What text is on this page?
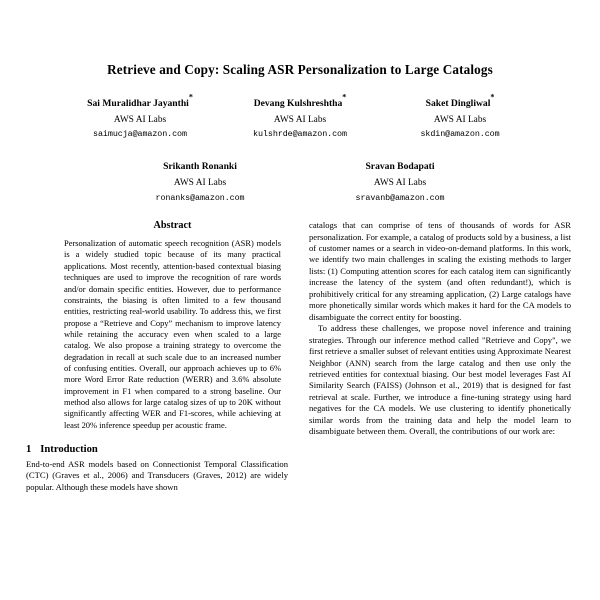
Retrieve and Copy: Scaling ASR Personalization to Large Catalogs
Sai Muralidhar Jayanthi*
AWS AI Labs
saimucja@amazon.com
Devang Kulshreshtha*
AWS AI Labs
kulshrde@amazon.com
Saket Dingliwal*
AWS AI Labs
skdin@amazon.com
Srikanth Ronanki
AWS AI Labs
ronanks@amazon.com
Sravan Bodapati
AWS AI Labs
sravanb@amazon.com
Abstract

Personalization of automatic speech recognition (ASR) models is a widely studied topic because of its many practical applications. Most recently, attention-based contextual biasing techniques are used to improve the recognition of rare words and/or domain specific entities. However, due to performance constraints, the biasing is often limited to a few thousand entities, restricting real-world usability. To address this, we first propose a “Retrieve and Copy” mechanism to improve latency while retaining the accuracy even when scaled to a large catalog. We also propose a training strategy to overcome the degradation in recall at such scale due to an increased number of confusing entities. Overall, our approach achieves up to 6% more Word Error Rate reduction (WERR) and 3.6% absolute improvement in F1 when compared to a strong baseline. Our method also allows for large catalog sizes of up to 20K without significantly affecting WER and F1-scores, while achieving at least 20% inference speedup per acoustic frame.

1 Introduction

End-to-end ASR models based on Connectionist Temporal Classification (CTC) (Graves et al., 2006) and Transducers (Graves, 2012) are widely popular. Although these models have shown

catalogs that can comprise of tens of thousands of words for ASR personalization. For example, a catalog of products sold by a business, a list of customer names or a search in video-on-demand platforms. In this work, we identify two main challenges in scaling the existing methods to larger lists: (1) Computing attention scores for each catalog item can significantly increase the latency of the system (and often redundant!), which is prohibitively critical for any streaming application, (2) Large catalogs have more phonetically similar words which makes it hard for the CA models to disambiguate the correct entity for boosting.

To address these challenges, we propose novel inference and training strategies. Through our inference method called "Retrieve and Copy", we first retrieve a smaller subset of relevant entities using Approximate Nearest Neighbor (ANN) search from the large catalog and then use only the retrieved entities for contextual biasing. Our best model leverages Fast AI Similarity Search (FAISS) (Johnson et al., 2019) that is designed for fast retrieval at scale. Further, we introduce a fine-tuning strategy using hard negatives for the CA models. We use clustering to identify phonetically similar words from the training data and help the model learn to disambiguate between them. Overall, the contributions of our work are:
